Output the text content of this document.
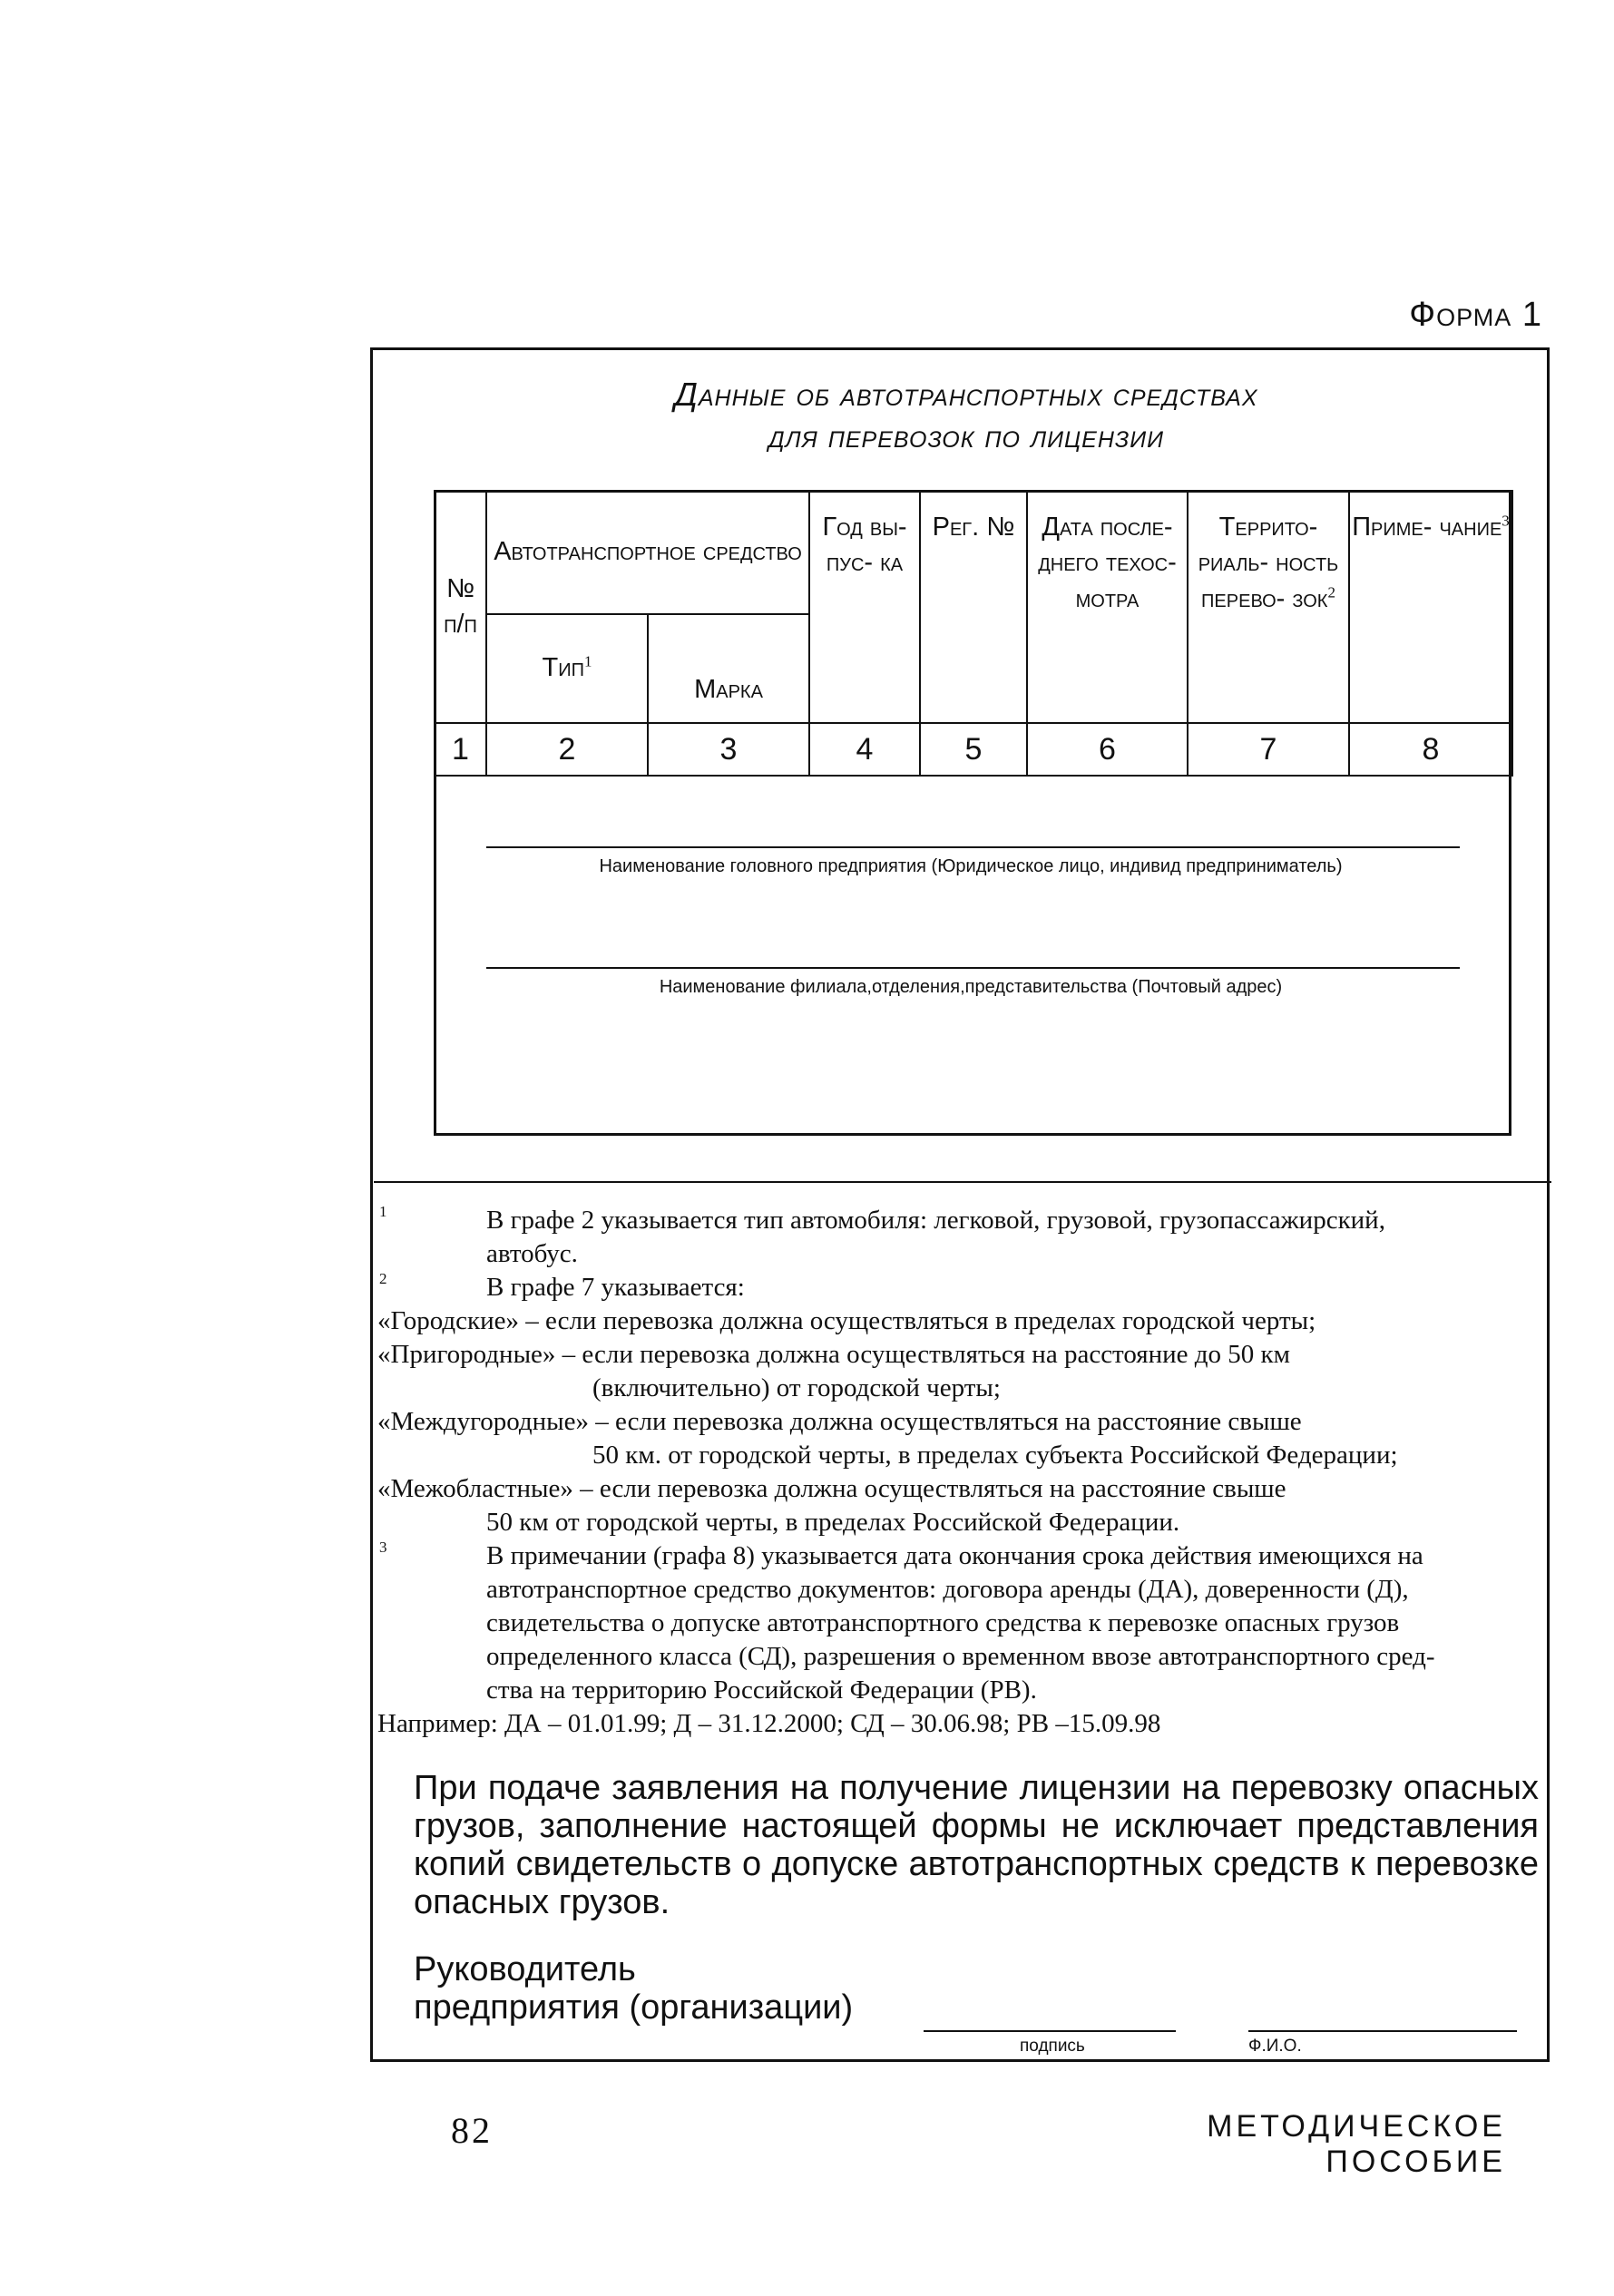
Форма 1
Данные об автотранспортных средствах
для перевозок по лицензии
№ п/п	Автотранспортное средство		Год вы- пус- ка	Рег. №	Дата после- днего техос- мотра	Террито- риаль- ность перево- зок$^2$	Приме- чание$^3$
	Тип$^1$	Марка					
1	2	3	4	5	6	7	8
Наименование головного предприятия (Юридическое лицо, индивид предприниматель)
Наименование филиала,отделения,представительства (Почтовый адрес)
1	В графе 2 указывается тип автомобиля: легковой, грузовой, грузопассажирский,
автобус.
2	В графе 7 указывается:
«Городские» – если перевозка должна осуществляться в пределах городской черты;
«Пригородные» – если перевозка должна осуществляться на расстояние до 50 км
(включительно) от городской черты;
«Междугородные» – если перевозка должна осуществляться на расстояние свыше
50 км. от городской черты, в пределах субъекта Российской Федерации;
«Межобластные» – если перевозка должна осуществляться на расстояние свыше
50 км от городской черты, в пределах Российской Федерации.
3	В примечании (графа 8) указывается дата окончания срока действия имеющихся на
автотранспортное средство документов: договора аренды (ДА), доверенности (Д),
свидетельства о допуске автотранспортного средства к перевозке опасных грузов
определенного класса (СД), разрешения о временном ввозе автотранспортного сред-
ства на территорию Российской Федерации (РВ).
Например: ДА – 01.01.99; Д – 31.12.2000; СД – 30.06.98; РВ –15.09.98
При подаче заявления на получение лицензии на перевозку опасных грузов, заполнение настоящей формы не исключает представления копий свидетельств о допуске автотранспортных средств к перевозке опасных грузов.
Руководитель
предприятия (организации)
подпись	Ф.И.О.
82	МЕТОДИЧЕСКОЕ ПОСОБИЕ
